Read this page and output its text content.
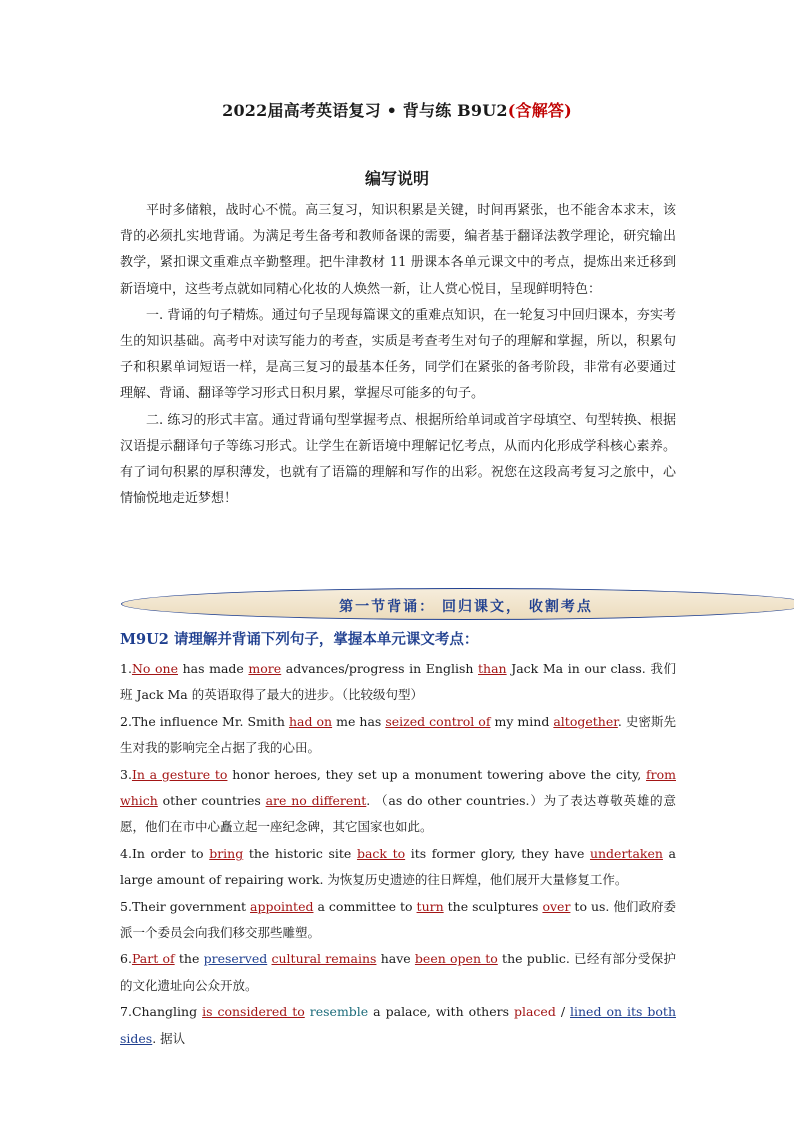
2022届高考英语复习 • 背与练 B9U2(含解答)
编写说明

平时多储粮，战时心不慌。高三复习，知识积累是关键，时间再紧张，也不能舍本求末，该背的必须扎实地背诵。为满足考生备考和教师备课的需要，编者基于翻译法教学理论，研究输出教学，紧扣课文重难点辛勤整理。把牛津教材 11 册课本各单元课文中的考点，提炼出来迁移到新语境中，这些考点就如同精心化妆的人焕然一新，让人赏心悦目，呈现鲜明特色：

一. 背诵的句子精炼。通过句子呈现每篇课文的重难点知识，在一轮复习中回归课本，夯实考生的知识基础。高考中对读写能力的考查，实质是考查考生对句子的理解和掌握，所以，积累句子和积累单词短语一样，是高三复习的最基本任务，同学们在紧张的备考阶段，非常有必要通过理解、背诵、翻译等学习形式日积月累，掌握尽可能多的句子。

二. 练习的形式丰富。通过背诵句型掌握考点、根据所给单词或首字母填空、句型转换、根据汉语提示翻译句子等练习形式。让学生在新语境中理解记忆考点，从而内化形成学科核心素养。有了词句积累的厚积薄发，也就有了语篇的理解和写作的出彩。祝您在这段高考复习之旅中，心情愉悦地走近梦想！

第一节背诵： 回归课文， 收割考点
M9U2 请理解并背诵下列句子，掌握本单元课文考点：

1.No one has made more advances/progress in English than Jack Ma in our class. 我们班 Jack Ma 的英语取得了最大的进步。（比较级句型）

2.The influence Mr. Smith had on me has seized control of my mind altogether. 史密斯先生对我的影响完全占据了我的心田。

3.In a gesture to honor heroes, they set up a monument towering above the city, from which other countries are no different. （as do other countries.）为了表达尊敬英雄的意愿，他们在市中心矗立起一座纪念碑，其它国家也如此。

4.In order to bring the historic site back to its former glory, they have undertaken a large amount of repairing work. 为恢复历史遗迹的往日辉煌，他们展开大量修复工作。

5.Their government appointed a committee to turn the sculptures over to us. 他们政府委派一个委员会向我们移交那些雕塑。

6.Part of the preserved cultural remains have been open to the public. 已经有部分受保护的文化遗址向公众开放。

7.Changling is considered to resemble a palace, with others placed / lined on its both sides. 据认
